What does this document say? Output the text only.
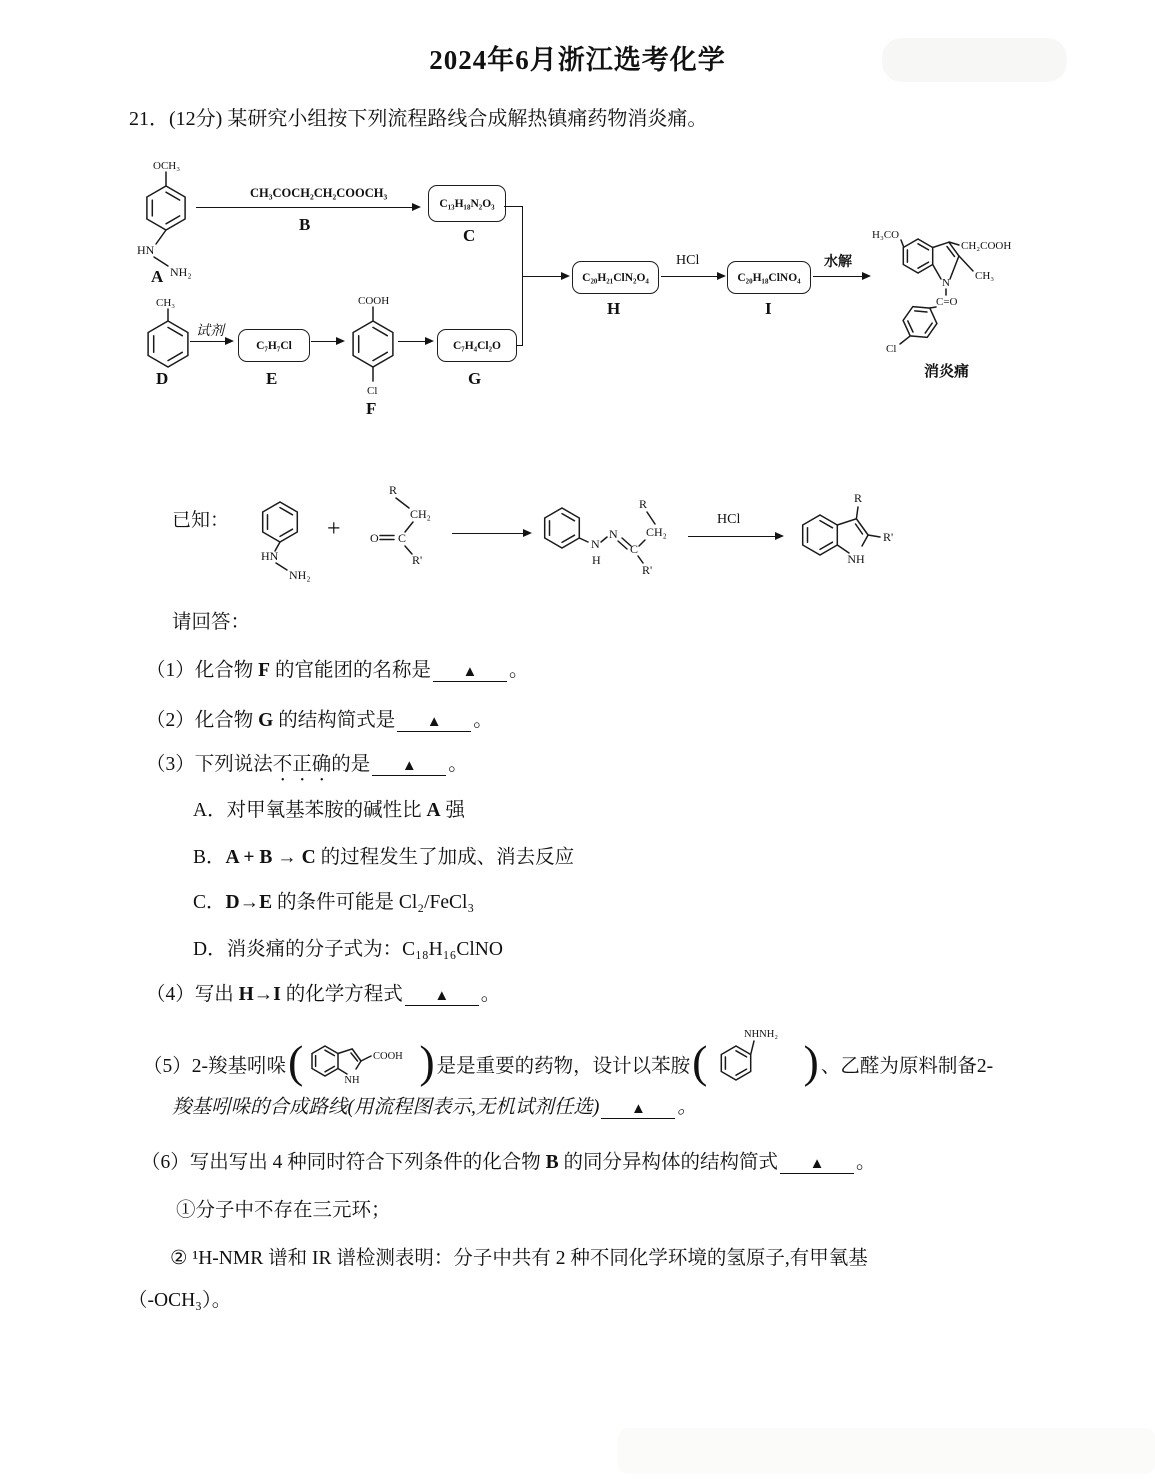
2024年6月浙江选考化学
21．(12分) 某研究小组按下列流程路线合成解热镇痛药物消炎痛。
OCH₃
HN
NH₂
A
CH₃COCH₂CH₂COOCH₃
B
C₁₃H₁₈N₂O₃
C
C₂₀H₂₁ClN₂O₄
H
HCl
C₂₀H₁₈ClNO₄
I
水解
H₃CO
N
CH₂COOH
CH₃
C=O
Cl
消炎痛
CH₃
D
试剂
C₇H₇Cl
E
COOH
Cl
F
C₇H₄Cl₂O
G
已知：
HN
NH₂
+
R
CH₂
C
O
R'
N
H
N
C
CH₂
R
R'
HCl
NH
R
R'
请回答：
（1）化合物 F 的官能团的名称是 ▲ 。
（2）化合物 G 的结构简式是 ▲ 。
（3）下列说法不正确的是 ▲ 。
A．对甲氧基苯胺的碱性比 A 强
B．A + B → C 的过程发生了加成、消去反应
C．D→E 的条件可能是 Cl₂/FeCl₃
D．消炎痛的分子式为：C₁₈H₁₆ClNO
（4）写出 H→I 的化学方程式 ▲ 。
（5）2-羧基吲哚 (	NH
COOH ) 是是重要的药物，设计以苯胺 (
NHNH₂
) 、乙醛为原料制备2-
羧基吲哚的合成路线(用流程图表示,无机试剂任选) ▲ 。
（6）写出写出 4 种同时符合下列条件的化合物 B 的同分异构体的结构简式 ▲ 。
①分子中不存在三元环；
② ¹H-NMR 谱和 IR 谱检测表明：分子中共有 2 种不同化学环境的氢原子,有甲氧基
（-OCH₃）。
